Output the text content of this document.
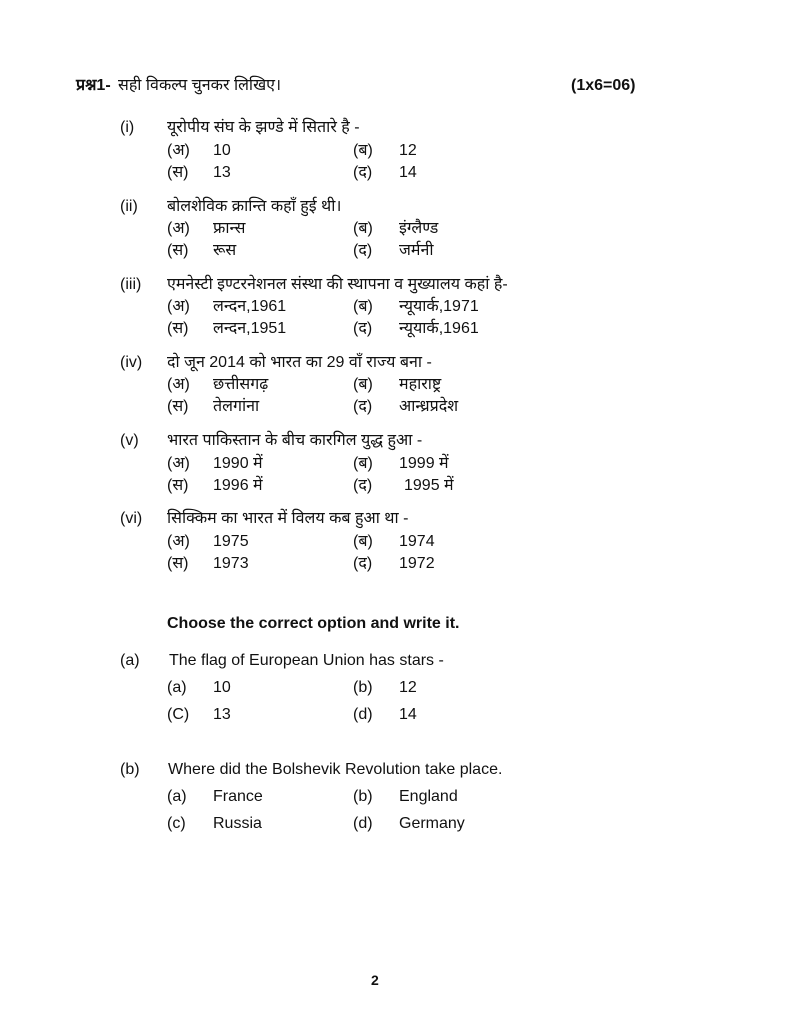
प्रश्न1- सही विकल्प चुनकर लिखिए।	(1x6=06)
(i) यूरोपीय संघ के झण्डे में सितारे है -
(अ) 10	(ब) 12
(स) 13	(द) 14
(ii) बोलशेविक क्रान्ति कहाँ हुई थी।
(अ) फ्रान्स	(ब) इंग्लैण्ड
(स) रूस	(द) जर्मनी
(iii) एमनेस्टी इण्टरनेशनल संस्था की स्थापना व मुख्यालय कहां है-
(अ) लन्दन,1961	(ब) न्यूयार्क,1971
(स) लन्दन,1951	(द) न्यूयार्क,1961
(iv) दो जून 2014 को भारत का 29 वाँ राज्य बना -
(अ) छत्तीसगढ़	(ब) महाराष्ट्र
(स) तेलगांना	(द) आन्ध्रप्रदेश
(v) भारत पाकिस्तान के बीच कारगिल युद्ध हुआ -
(अ) 1990 में	(ब) 1999 में
(स) 1996 में	(द) 1995 में
(vi) सिक्किम का भारत में विलय कब हुआ था -
(अ) 1975	(ब) 1974
(स) 1973	(द) 1972
Choose the correct option and write it.
(a) The flag of European Union has stars -
(a) 10	(b) 12
(C) 13	(d) 14
(b) Where did the Bolshevik Revolution take place.
(a) France	(b) England
(c) Russia	(d) Germany
2
